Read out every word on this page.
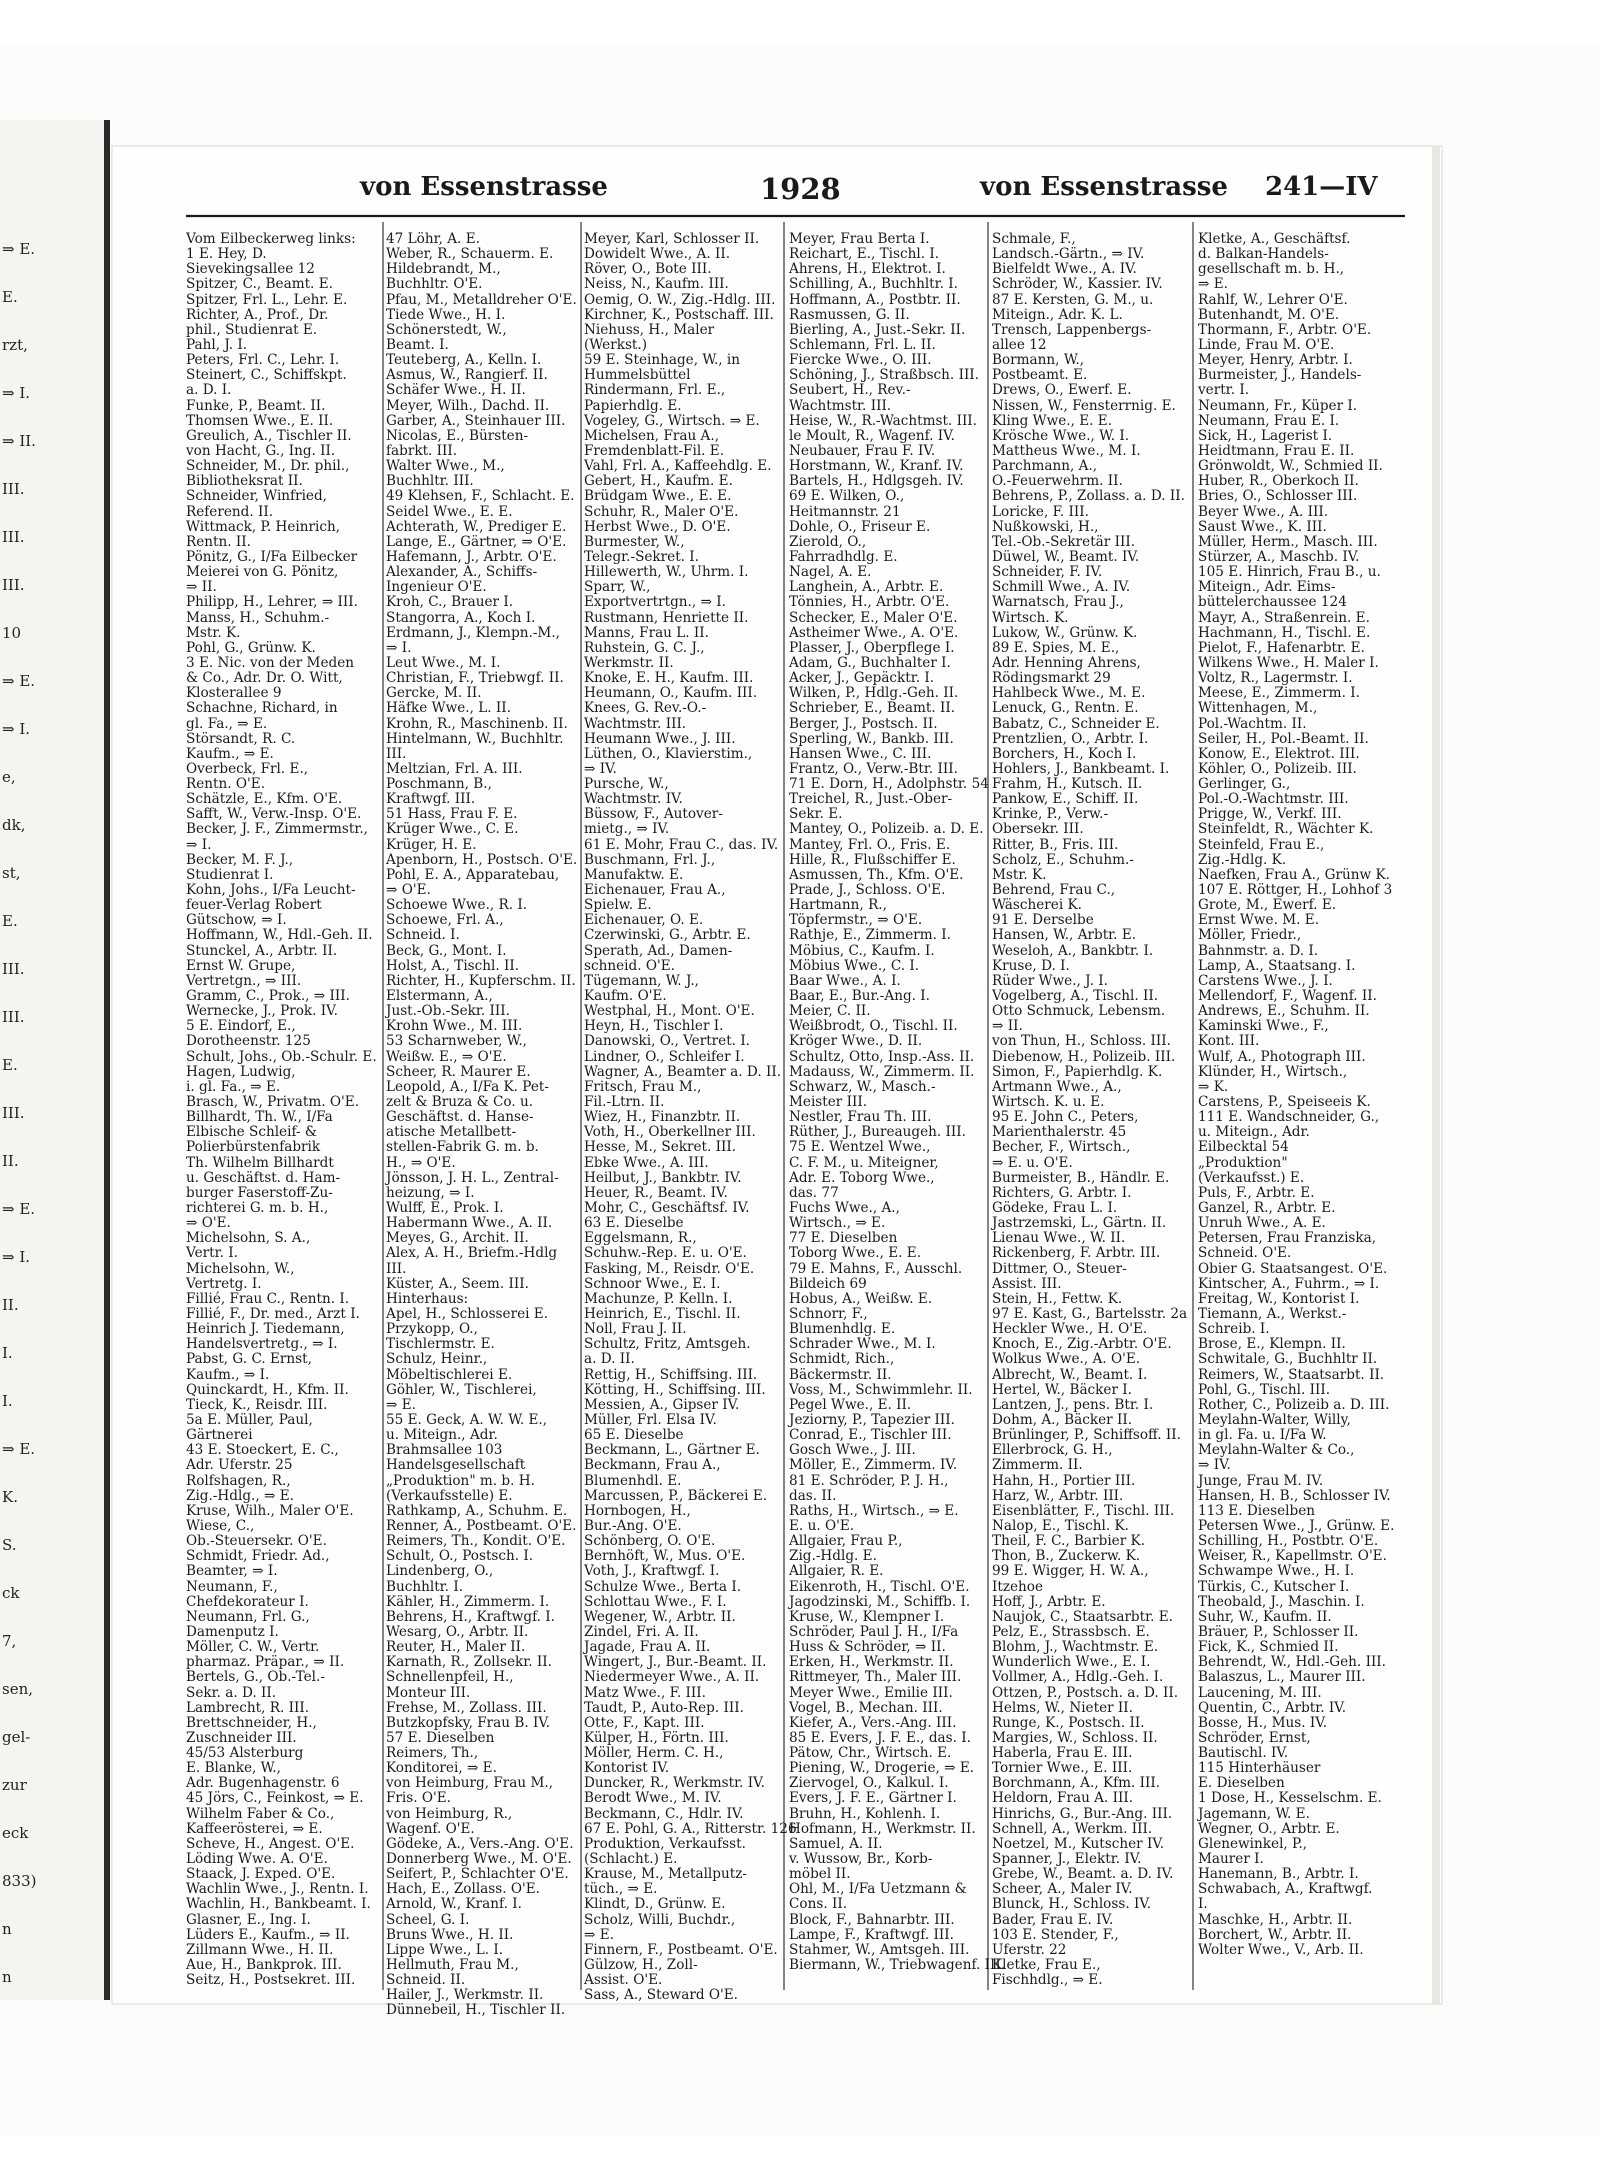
⇒ E.
E.
rzt,
⇒ I.
⇒ II.
III.
III.
III.
10
⇒ E.
⇒ I.
e,
dk,
st,
E.
III.
III.
E.
III.
II.
⇒ E.
⇒ I.
II.
I.
I.
⇒ E.
K.
S.
ck
7,
sen,
gel-
zur
eck
833)
n
n
von Essenstrasse	1928	von Essenstrasse 241—IV
Vom Eilbeckerweg links:
1 E. Hey, D.
Sievekingsallee 12
Spitzer, C., Beamt. E.
Spitzer, Frl. L., Lehr. E.
Richter, A., Prof., Dr.
phil., Studienrat E.
Pahl, J. I.
Peters, Frl. C., Lehr. I.
Steinert, C., Schiffskpt.
a. D. I.
Funke, P., Beamt. II.
Thomsen Wwe., E. II.
Greulich, A., Tischler II.
von Hacht, G., Ing. II.
Schneider, M., Dr. phil.,
Bibliotheksrat II.
Schneider, Winfried,
Referend. II.
Wittmack, P. Heinrich,
Rentn. II.
Pönitz, G., I/Fa Eilbecker
Meierei von G. Pönitz,
⇒ II.
Philipp, H., Lehrer, ⇒ III.
Manss, H., Schuhm.-
Mstr. K.
Pohl, G., Grünw. K.
3 E. Nic. von der Meden
& Co., Adr. Dr. O. Witt,
Klosterallee 9
Schachne, Richard, in
gl. Fa., ⇒ E.
Störsandt, R. C.
Kaufm., ⇒ E.
Overbeck, Frl. E.,
Rentn. O'E.
Schätzle, E., Kfm. O'E.
Safft, W., Verw.-Insp. O'E.
Becker, J. F., Zimmermstr.,
⇒ I.
Becker, M. F. J.,
Studienrat I.
Kohn, Johs., I/Fa Leucht-
feuer-Verlag Robert
Gütschow, ⇒ I.
Hoffmann, W., Hdl.-Geh. II.
Stunckel, A., Arbtr. II.
Ernst W. Grupe,
Vertretgn., ⇒ III.
Gramm, C., Prok., ⇒ III.
Wernecke, J., Prok. IV.
5 E. Eindorf, E.,
Dorotheenstr. 125
Schult, Johs., Ob.-Schulr. E.
Hagen, Ludwig,
i. gl. Fa., ⇒ E.
Brasch, W., Privatm. O'E.
Billhardt, Th. W., I/Fa
Elbische Schleif- &
Polierbürstenfabrik
Th. Wilhelm Billhardt
u. Geschäftst. d. Ham-
burger Faserstoff-Zu-
richterei G. m. b. H.,
⇒ O'E.
Michelsohn, S. A.,
Vertr. I.
Michelsohn, W.,
Vertretg. I.
Fillié, Frau C., Rentn. I.
Fillié, F., Dr. med., Arzt I.
Heinrich J. Tiedemann,
Handelsvertretg., ⇒ I.
Pabst, G. C. Ernst,
Kaufm., ⇒ I.
Quinckardt, H., Kfm. II.
Tieck, K., Reisdr. III.
5a E. Müller, Paul,
Gärtnerei
43 E. Stoeckert, E. C.,
Adr. Uferstr. 25
Rolfshagen, R.,
Zig.-Hdlg., ⇒ E.
Kruse, Wilh., Maler O'E.
Wiese, C.,
Ob.-Steuersekr. O'E.
Schmidt, Friedr. Ad.,
Beamter, ⇒ I.
Neumann, F.,
Chefdekorateur I.
Neumann, Frl. G.,
Damenputz I.
Möller, C. W., Vertr.
pharmaz. Präpar., ⇒ II.
Bertels, G., Ob.-Tel.-
Sekr. a. D. II.
Lambrecht, R. III.
Brettschneider, H.,
Zuschneider III.
45/53 Alsterburg
E. Blanke, W.,
Adr. Bugenhagenstr. 6
45 Jörs, C., Feinkost, ⇒ E.
Wilhelm Faber & Co.,
Kaffeerösterei, ⇒ E.
Scheve, H., Angest. O'E.
Löding Wwe. A. O'E.
Staack, J. Exped. O'E.
Wachlin Wwe., J., Rentn. I.
Wachlin, H., Bankbeamt. I.
Glasner, E., Ing. I.
Lüders E., Kaufm., ⇒ II.
Zillmann Wwe., H. II.
Aue, H., Bankprok. III.
Seitz, H., Postsekret. III.
47 Löhr, A. E.
Weber, R., Schauerm. E.
Hildebrandt, M.,
Buchhltr. O'E.
Pfau, M., Metalldreher O'E.
Tiede Wwe., H. I.
Schönerstedt, W.,
Beamt. I.
Teuteberg, A., Kelln. I.
Asmus, W., Rangierf. II.
Schäfer Wwe., H. II.
Meyer, Wilh., Dachd. II.
Garber, A., Steinhauer III.
Nicolas, E., Bürsten-
fabrkt. III.
Walter Wwe., M.,
Buchhltr. III.
49 Klehsen, F., Schlacht. E.
Seidel Wwe., E. E.
Achterath, W., Prediger E.
Lange, E., Gärtner, ⇒ O'E.
Hafemann, J., Arbtr. O'E.
Alexander, A., Schiffs-
Ingenieur O'E.
Kroh, C., Brauer I.
Stangorra, A., Koch I.
Erdmann, J., Klempn.-M.,
⇒ I.
Leut Wwe., M. I.
Christian, F., Triebwgf. II.
Gercke, M. II.
Häfke Wwe., L. II.
Krohn, R., Maschinenb. II.
Hintelmann, W., Buchhltr.
III.
Meltzian, Frl. A. III.
Poschmann, B.,
Kraftwgf. III.
51 Hass, Frau F. E.
Krüger Wwe., C. E.
Krüger, H. E.
Apenborn, H., Postsch. O'E.
Pohl, E. A., Apparatebau,
⇒ O'E.
Schoewe Wwe., R. I.
Schoewe, Frl. A.,
Schneid. I.
Beck, G., Mont. I.
Holst, A., Tischl. II.
Richter, H., Kupferschm. II.
Elstermann, A.,
Just.-Ob.-Sekr. III.
Krohn Wwe., M. III.
53 Scharnweber, W.,
Weißw. E., ⇒ O'E.
Scheer, R. Maurer E.
Leopold, A., I/Fa K. Pet-
zelt & Bruza & Co. u.
Geschäftst. d. Hanse-
atische Metallbett-
stellen-Fabrik G. m. b.
H., ⇒ O'E.
Jönsson, J. H. L., Zentral-
heizung, ⇒ I.
Wulff, E., Prok. I.
Habermann Wwe., A. II.
Meyes, G., Archit. II.
Alex, A. H., Briefm.-Hdlg
III.
Küster, A., Seem. III.
Hinterhaus:
Apel, H., Schlosserei E.
Przykopp, O.,
Tischlermstr. E.
Schulz, Heinr.,
Möbeltischlerei E.
Göhler, W., Tischlerei,
⇒ E.
55 E. Geck, A. W. W. E.,
u. Miteign., Adr.
Brahmsallee 103
Handelsgesellschaft
„Produktion" m. b. H.
(Verkaufsstelle) E.
Rathkamp, A., Schuhm. E.
Renner, A., Postbeamt. O'E.
Reimers, Th., Kondit. O'E.
Schult, O., Postsch. I.
Lindenberg, O.,
Buchhltr. I.
Kähler, H., Zimmerm. I.
Behrens, H., Kraftwgf. I.
Wesarg, O., Arbtr. II.
Reuter, H., Maler II.
Karnath, R., Zollsekr. II.
Schnellenpfeil, H.,
Monteur III.
Frehse, M., Zollass. III.
Butzkopfsky, Frau B. IV.
57 E. Dieselben
Reimers, Th.,
Konditorei, ⇒ E.
von Heimburg, Frau M.,
Fris. O'E.
von Heimburg, R.,
Wagenf. O'E.
Gödeke, A., Vers.-Ang. O'E.
Donnerberg Wwe., M. O'E.
Seifert, P., Schlachter O'E.
Hach, E., Zollass. O'E.
Arnold, W., Kranf. I.
Scheel, G. I.
Bruns Wwe., H. II.
Lippe Wwe., L. I.
Hellmuth, Frau M.,
Schneid. II.
Hailer, J., Werkmstr. II.
Dünnebeil, H., Tischler II.
Meyer, Karl, Schlosser II.
Dowidelt Wwe., A. II.
Röver, O., Bote III.
Neiss, N., Kaufm. III.
Oemig, O. W., Zig.-Hdlg. III.
Kirchner, K., Postschaff. III.
Niehuss, H., Maler
(Werkst.)
59 E. Steinhage, W., in
Hummelsbüttel
Rindermann, Frl. E.,
Papierhdlg. E.
Vogeley, G., Wirtsch. ⇒ E.
Michelsen, Frau A.,
Fremdenblatt-Fil. E.
Vahl, Frl. A., Kaffeehdlg. E.
Gebert, H., Kaufm. E.
Brüdgam Wwe., E. E.
Schuhr, R., Maler O'E.
Herbst Wwe., D. O'E.
Burmester, W.,
Telegr.-Sekret. I.
Hillewerth, W., Uhrm. I.
Sparr, W.,
Exportvertrtgn., ⇒ I.
Rustmann, Henriette II.
Manns, Frau L. II.
Ruhstein, G. C. J.,
Werkmstr. II.
Knoke, E. H., Kaufm. III.
Heumann, O., Kaufm. III.
Knees, G. Rev.-O.-
Wachtmstr. III.
Heumann Wwe., J. III.
Lüthen, O., Klavierstim.,
⇒ IV.
Pursche, W.,
Wachtmstr. IV.
Büssow, F., Autover-
mietg., ⇒ IV.
61 E. Mohr, Frau C., das. IV.
Buschmann, Frl. J.,
Manufaktw. E.
Eichenauer, Frau A.,
Spielw. E.
Eichenauer, O. E.
Czerwinski, G., Arbtr. E.
Sperath, Ad., Damen-
schneid. O'E.
Tügemann, W. J.,
Kaufm. O'E.
Westphal, H., Mont. O'E.
Heyn, H., Tischler I.
Danowski, O., Vertret. I.
Lindner, O., Schleifer I.
Wagner, A., Beamter a. D. II.
Fritsch, Frau M.,
Fil.-Ltrn. II.
Wiez, H., Finanzbtr. II.
Voth, H., Oberkellner III.
Hesse, M., Sekret. III.
Ebke Wwe., A. III.
Heilbut, J., Bankbtr. IV.
Heuer, R., Beamt. IV.
Mohr, C., Geschäftsf. IV.
63 E. Dieselbe
Eggelsmann, R.,
Schuhw.-Rep. E. u. O'E.
Fasking, M., Reisdr. O'E.
Schnoor Wwe., E. I.
Machunze, P. Kelln. I.
Heinrich, E., Tischl. II.
Noll, Frau J. II.
Schultz, Fritz, Amtsgeh.
a. D. II.
Rettig, H., Schiffsing. III.
Kötting, H., Schiffsing. III.
Messien, A., Gipser IV.
Müller, Frl. Elsa IV.
65 E. Dieselbe
Beckmann, L., Gärtner E.
Beckmann, Frau A.,
Blumenhdl. E.
Marcussen, P., Bäckerei E.
Hornbogen, H.,
Bur.-Ang. O'E.
Schönberg, O. O'E.
Bernhöft, W., Mus. O'E.
Voth, J., Kraftwgf. I.
Schulze Wwe., Berta I.
Schlottau Wwe., F. I.
Wegener, W., Arbtr. II.
Zindel, Fri. A. II.
Jagade, Frau A. II.
Wingert, J., Bur.-Beamt. II.
Niedermeyer Wwe., A. II.
Matz Wwe., F. III.
Taudt, P., Auto-Rep. III.
Otte, F., Kapt. III.
Külper, H., Förtn. III.
Möller, Herm. C. H.,
Kontorist IV.
Duncker, R., Werkmstr. IV.
Berodt Wwe., M. IV.
Beckmann, C., Hdlr. IV.
67 E. Pohl, G. A., Ritterstr. 126
Produktion, Verkaufsst.
(Schlacht.) E.
Krause, M., Metallputz-
tüch., ⇒ E.
Klindt, D., Grünw. E.
Scholz, Willi, Buchdr.,
⇒ E.
Finnern, F., Postbeamt. O'E.
Gülzow, H., Zoll-
Assist. O'E.
Sass, A., Steward O'E.
Meyer, Frau Berta I.
Reichart, E., Tischl. I.
Ahrens, H., Elektrot. I.
Schilling, A., Buchhltr. I.
Hoffmann, A., Postbtr. II.
Rasmussen, G. II.
Bierling, A., Just.-Sekr. II.
Schlemann, Frl. L. II.
Fiercke Wwe., O. III.
Schöning, J., Straßbsch. III.
Seubert, H., Rev.-
Wachtmstr. III.
Heise, W., R.-Wachtmst. III.
le Moult, R., Wagenf. IV.
Neubauer, Frau F. IV.
Horstmann, W., Kranf. IV.
Bartels, H., Hdlgsgeh. IV.
69 E. Wilken, O.,
Heitmannstr. 21
Dohle, O., Friseur E.
Zierold, O.,
Fahrradhdlg. E.
Nagel, A. E.
Langhein, A., Arbtr. E.
Tönnies, H., Arbtr. O'E.
Schecker, E., Maler O'E.
Astheimer Wwe., A. O'E.
Plasser, J., Oberpflege I.
Adam, G., Buchhalter I.
Acker, J., Gepäcktr. I.
Wilken, P., Hdlg.-Geh. II.
Schrieber, E., Beamt. II.
Berger, J., Postsch. II.
Sperling, W., Bankb. III.
Hansen Wwe., C. III.
Frantz, O., Verw.-Btr. III.
71 E. Dorn, H., Adolphstr. 54
Treichel, R., Just.-Ober-
Sekr. E.
Mantey, O., Polizeib. a. D. E.
Mantey, Frl. O., Fris. E.
Hille, R., Flußschiffer E.
Asmussen, Th., Kfm. O'E.
Prade, J., Schloss. O'E.
Hartmann, R.,
Töpfermstr., ⇒ O'E.
Rathje, E., Zimmerm. I.
Möbius, C., Kaufm. I.
Möbius Wwe., C. I.
Baar Wwe., A. I.
Baar, E., Bur.-Ang. I.
Meier, C. II.
Weißbrodt, O., Tischl. II.
Kröger Wwe., D. II.
Schultz, Otto, Insp.-Ass. II.
Madauss, W., Zimmerm. II.
Schwarz, W., Masch.-
Meister III.
Nestler, Frau Th. III.
Rüther, J., Bureaugeh. III.
75 E. Wentzel Wwe.,
C. F. M., u. Miteigner,
Adr. E. Toborg Wwe.,
das. 77
Fuchs Wwe., A.,
Wirtsch., ⇒ E.
77 E. Dieselben
Toborg Wwe., E. E.
79 E. Mahns, F., Ausschl.
Bildeich 69
Hobus, A., Weißw. E.
Schnorr, F.,
Blumenhdlg. E.
Schrader Wwe., M. I.
Schmidt, Rich.,
Bäckermstr. II.
Voss, M., Schwimmlehr. II.
Pegel Wwe., E. II.
Jeziorny, P., Tapezier III.
Conrad, E., Tischler III.
Gosch Wwe., J. III.
Möller, E., Zimmerm. IV.
81 E. Schröder, P. J. H.,
das. II.
Raths, H., Wirtsch., ⇒ E.
E. u. O'E.
Allgaier, Frau P.,
Zig.-Hdlg. E.
Allgaier, R. E.
Eikenroth, H., Tischl. O'E.
Jagodzinski, M., Schiffb. I.
Kruse, W., Klempner I.
Schröder, Paul J. H., I/Fa
Huss & Schröder, ⇒ II.
Erken, H., Werkmstr. II.
Rittmeyer, Th., Maler III.
Meyer Wwe., Emilie III.
Vogel, B., Mechan. III.
Kiefer, A., Vers.-Ang. III.
85 E. Evers, J. F. E., das. I.
Pätow, Chr., Wirtsch. E.
Piening, W., Drogerie, ⇒ E.
Ziervogel, O., Kalkul. I.
Evers, J. F. E., Gärtner I.
Bruhn, H., Kohlenh. I.
Hofmann, H., Werkmstr. II.
Samuel, A. II.
v. Wussow, Br., Korb-
möbel II.
Ohl, M., I/Fa Uetzmann &
Cons. II.
Block, F., Bahnarbtr. III.
Lampe, F., Kraftwgf. III.
Stahmer, W., Amtsgeh. III.
Biermann, W., Triebwagenf. III.
Schmale, F.,
Landsch.-Gärtn., ⇒ IV.
Bielfeldt Wwe., A. IV.
Schröder, W., Kassier. IV.
87 E. Kersten, G. M., u.
Miteign., Adr. K. L.
Trensch, Lappenbergs-
allee 12
Bormann, W.,
Postbeamt. E.
Drews, O., Ewerf. E.
Nissen, W., Fensterrnig. E.
Kling Wwe., E. E.
Krösche Wwe., W. I.
Mattheus Wwe., M. I.
Parchmann, A.,
O.-Feuerwehrm. II.
Behrens, P., Zollass. a. D. II.
Loricke, F. III.
Nußkowski, H.,
Tel.-Ob.-Sekretär III.
Düwel, W., Beamt. IV.
Schneider, F. IV.
Schmill Wwe., A. IV.
Warnatsch, Frau J.,
Wirtsch. K.
Lukow, W., Grünw. K.
89 E. Spies, M. E.,
Adr. Henning Ahrens,
Rödingsmarkt 29
Hahlbeck Wwe., M. E.
Lenuck, G., Rentn. E.
Babatz, C., Schneider E.
Prentzlien, O., Arbtr. I.
Borchers, H., Koch I.
Hohlers, J., Bankbeamt. I.
Frahm, H., Kutsch. II.
Pankow, E., Schiff. II.
Krinke, P., Verw.-
Obersekr. III.
Ritter, B., Fris. III.
Scholz, E., Schuhm.-
Mstr. K.
Behrend, Frau C.,
Wäscherei K.
91 E. Derselbe
Hansen, W., Arbtr. E.
Weseloh, A., Bankbtr. I.
Kruse, D. I.
Rüder Wwe., J. I.
Vogelberg, A., Tischl. II.
Otto Schmuck, Lebensm.
⇒ II.
von Thun, H., Schloss. III.
Diebenow, H., Polizeib. III.
Simon, F., Papierhdlg. K.
Artmann Wwe., A.,
Wirtsch. K. u. E.
95 E. John C., Peters,
Marienthalerstr. 45
Becher, F., Wirtsch.,
⇒ E. u. O'E.
Burmeister, B., Händlr. E.
Richters, G. Arbtr. I.
Gödeke, Frau L. I.
Jastrzemski, L., Gärtn. II.
Lienau Wwe., W. II.
Rickenberg, F. Arbtr. III.
Dittmer, O., Steuer-
Assist. III.
Stein, H., Fettw. K.
97 E. Kast, G., Bartelsstr. 2a
Heckler Wwe., H. O'E.
Knoch, E., Zig.-Arbtr. O'E.
Wolkus Wwe., A. O'E.
Albrecht, W., Beamt. I.
Hertel, W., Bäcker I.
Lantzen, J., pens. Btr. I.
Dohm, A., Bäcker II.
Brünlinger, P., Schiffsoff. II.
Ellerbrock, G. H.,
Zimmerm. II.
Hahn, H., Portier III.
Harz, W., Arbtr. III.
Eisenblätter, F., Tischl. III.
Nalop, E., Tischl. K.
Theil, F. C., Barbier K.
Thon, B., Zuckerw. K.
99 E. Wigger, H. W. A.,
Itzehoe
Hoff, J., Arbtr. E.
Naujok, C., Staatsarbtr. E.
Pelz, E., Strassbsch. E.
Blohm, J., Wachtmstr. E.
Wunderlich Wwe., E. I.
Vollmer, A., Hdlg.-Geh. I.
Ottzen, P., Postsch. a. D. II.
Helms, W., Nieter II.
Runge, K., Postsch. II.
Margies, W., Schloss. II.
Haberla, Frau E. III.
Tornier Wwe., E. III.
Borchmann, A., Kfm. III.
Heldorn, Frau A. III.
Hinrichs, G., Bur.-Ang. III.
Schnell, A., Werkm. III.
Noetzel, M., Kutscher IV.
Spanner, J., Elektr. IV.
Grebe, W., Beamt. a. D. IV.
Scheer, A., Maler IV.
Blunck, H., Schloss. IV.
Bader, Frau E. IV.
103 E. Stender, F.,
Uferstr. 22
Kletke, Frau E.,
Fischhdlg., ⇒ E.
Kletke, A., Geschäftsf.
d. Balkan-Handels-
gesellschaft m. b. H.,
⇒ E.
Rahlf, W., Lehrer O'E.
Butenhandt, M. O'E.
Thormann, F., Arbtr. O'E.
Linde, Frau M. O'E.
Meyer, Henry, Arbtr. I.
Burmeister, J., Handels-
vertr. I.
Neumann, Fr., Küper I.
Neumann, Frau E. I.
Sick, H., Lagerist I.
Heidtmann, Frau E. II.
Grönwoldt, W., Schmied II.
Huber, R., Oberkoch II.
Bries, O., Schlosser III.
Beyer Wwe., A. III.
Saust Wwe., K. III.
Müller, Herm., Masch. III.
Stürzer, A., Maschb. IV.
105 E. Hinrich, Frau B., u.
Miteign., Adr. Eims-
büttelerchaussee 124
Mayr, A., Straßenrein. E.
Hachmann, H., Tischl. E.
Pielot, F., Hafenarbtr. E.
Wilkens Wwe., H. Maler I.
Voltz, R., Lagermstr. I.
Meese, E., Zimmerm. I.
Wittenhagen, M.,
Pol.-Wachtm. II.
Seiler, H., Pol.-Beamt. II.
Konow, E., Elektrot. III.
Köhler, O., Polizeib. III.
Gerlinger, G.,
Pol.-O.-Wachtmstr. III.
Prigge, W., Verkf. III.
Steinfeldt, R., Wächter K.
Steinfeld, Frau E.,
Zig.-Hdlg. K.
Naefken, Frau A., Grünw K.
107 E. Röttger, H., Lohhof 3
Grote, M., Ewerf. E.
Ernst Wwe. M. E.
Möller, Friedr.,
Bahnmstr. a. D. I.
Lamp, A., Staatsang. I.
Carstens Wwe., J. I.
Mellendorf, F., Wagenf. II.
Andrews, E., Schuhm. II.
Kaminski Wwe., F.,
Kont. III.
Wulf, A., Photograph III.
Klünder, H., Wirtsch.,
⇒ K.
Carstens, P., Speiseeis K.
111 E. Wandschneider, G.,
u. Miteign., Adr.
Eilbecktal 54
„Produktion"
(Verkaufsst.) E.
Puls, F., Arbtr. E.
Ganzel, R., Arbtr. E.
Unruh Wwe., A. E.
Petersen, Frau Franziska,
Schneid. O'E.
Obier G. Staatsangest. O'E.
Kintscher, A., Fuhrm., ⇒ I.
Freitag, W., Kontorist I.
Tiemann, A., Werkst.-
Schreib. I.
Brose, E., Klempn. II.
Schwitale, G., Buchhltr II.
Reimers, W., Staatsarbt. II.
Pohl, G., Tischl. III.
Rother, C., Polizeib a. D. III.
Meylahn-Walter, Willy,
in gl. Fa. u. I/Fa W.
Meylahn-Walter & Co.,
⇒ IV.
Junge, Frau M. IV.
Hansen, H. B., Schlosser IV.
113 E. Dieselben
Petersen Wwe., J., Grünw. E.
Schilling, H., Postbtr. O'E.
Weiser, R., Kapellmstr. O'E.
Schwampe Wwe., H. I.
Türkis, C., Kutscher I.
Theobald, J., Maschin. I.
Suhr, W., Kaufm. II.
Bräuer, P., Schlosser II.
Fick, K., Schmied II.
Behrendt, W., Hdl.-Geh. III.
Balaszus, L., Maurer III.
Laucening, M. III.
Quentin, C., Arbtr. IV.
Bosse, H., Mus. IV.
Schröder, Ernst,
Bautischl. IV.
115 Hinterhäuser
E. Dieselben
1 Dose, H., Kesselschm. E.
Jagemann, W. E.
Wegner, O., Arbtr. E.
Glenewinkel, P.,
Maurer I.
Hanemann, B., Arbtr. I.
Schwabach, A., Kraftwgf.
I.
Maschke, H., Arbtr. II.
Borchert, W., Arbtr. II.
Wolter Wwe., V., Arb. II.
